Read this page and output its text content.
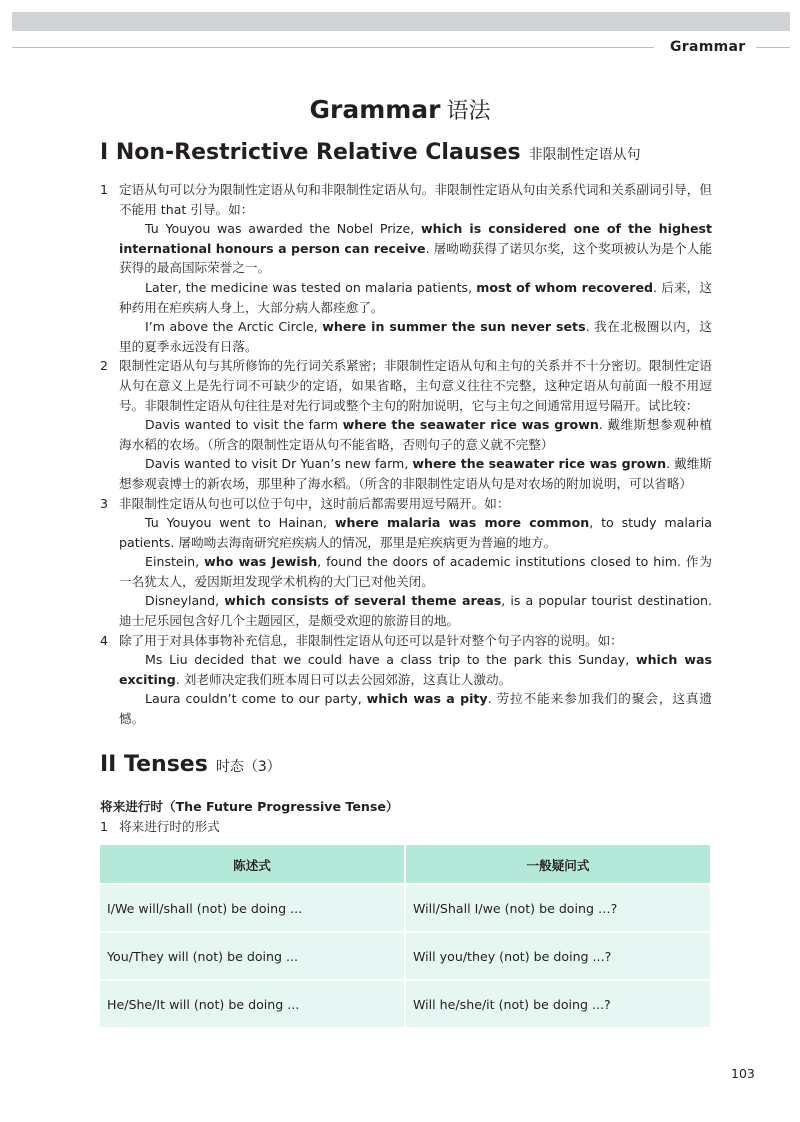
Grammar
Grammar 语法
I Non-Restrictive Relative Clauses 非限制性定语从句
1 定语从句可以分为限制性定语从句和非限制性定语从句。非限制性定语从句由关系代词和关系副词引导，但不能用 that 引导。如：
Tu Youyou was awarded the Nobel Prize, which is considered one of the highest international honours a person can receive. 屠呦呦获得了诺贝尔奖，这个奖项被认为是个人能获得的最高国际荣誉之一。
Later, the medicine was tested on malaria patients, most of whom recovered. 后来，这种药用在疟疾病人身上，大部分病人都痊愈了。
I’m above the Arctic Circle, where in summer the sun never sets. 我在北极圈以内，这里的夏季永远没有日落。
2 限制性定语从句与其所修饰的先行词关系紧密；非限制性定语从句和主句的关系并不十分密切。限制性定语从句在意义上是先行词不可缺少的定语，如果省略，主句意义往往不完整，这种定语从句前面一般不用逗号。非限制性定语从句往往是对先行词或整个主句的附加说明，它与主句之间通常用逗号隔开。试比较：
Davis wanted to visit the farm where the seawater rice was grown. 戴维斯想参观种植海水稻的农场。（所含的限制性定语从句不能省略，否则句子的意义就不完整）
Davis wanted to visit Dr Yuan’s new farm, where the seawater rice was grown. 戴维斯想参观袁博士的新农场，那里种了海水稻。（所含的非限制性定语从句是对农场的附加说明，可以省略）
3 非限制性定语从句也可以位于句中，这时前后都需要用逗号隔开。如：
Tu Youyou went to Hainan, where malaria was more common, to study malaria patients. 屠呦呦去海南研究疟疾病人的情况，那里是疟疾病更为普遍的地方。
Einstein, who was Jewish, found the doors of academic institutions closed to him. 作为一名犹太人，爱因斯坦发现学术机构的大门已对他关闭。
Disneyland, which consists of several theme areas, is a popular tourist destination. 迪士尼乐园包含好几个主题园区，是颇受欢迎的旅游目的地。
4 除了用于对具体事物补充信息，非限制性定语从句还可以是针对整个句子内容的说明。如：
Ms Liu decided that we could have a class trip to the park this Sunday, which was exciting. 刘老师决定我们班本周日可以去公园郊游，这真让人激动。
Laura couldn’t come to our party, which was a pity. 劳拉不能来参加我们的聚会，这真遗憾。
II Tenses 时态（3）
将来进行时（The Future Progressive Tense）
1 将来进行时的形式
陈述式	一般疑问式
I/We will/shall (not) be doing ...	Will/Shall I/we (not) be doing …?
You/They will (not) be doing ...	Will you/they (not) be doing ...?
He/She/It will (not) be doing ...	Will he/she/it (not) be doing ...?
103
